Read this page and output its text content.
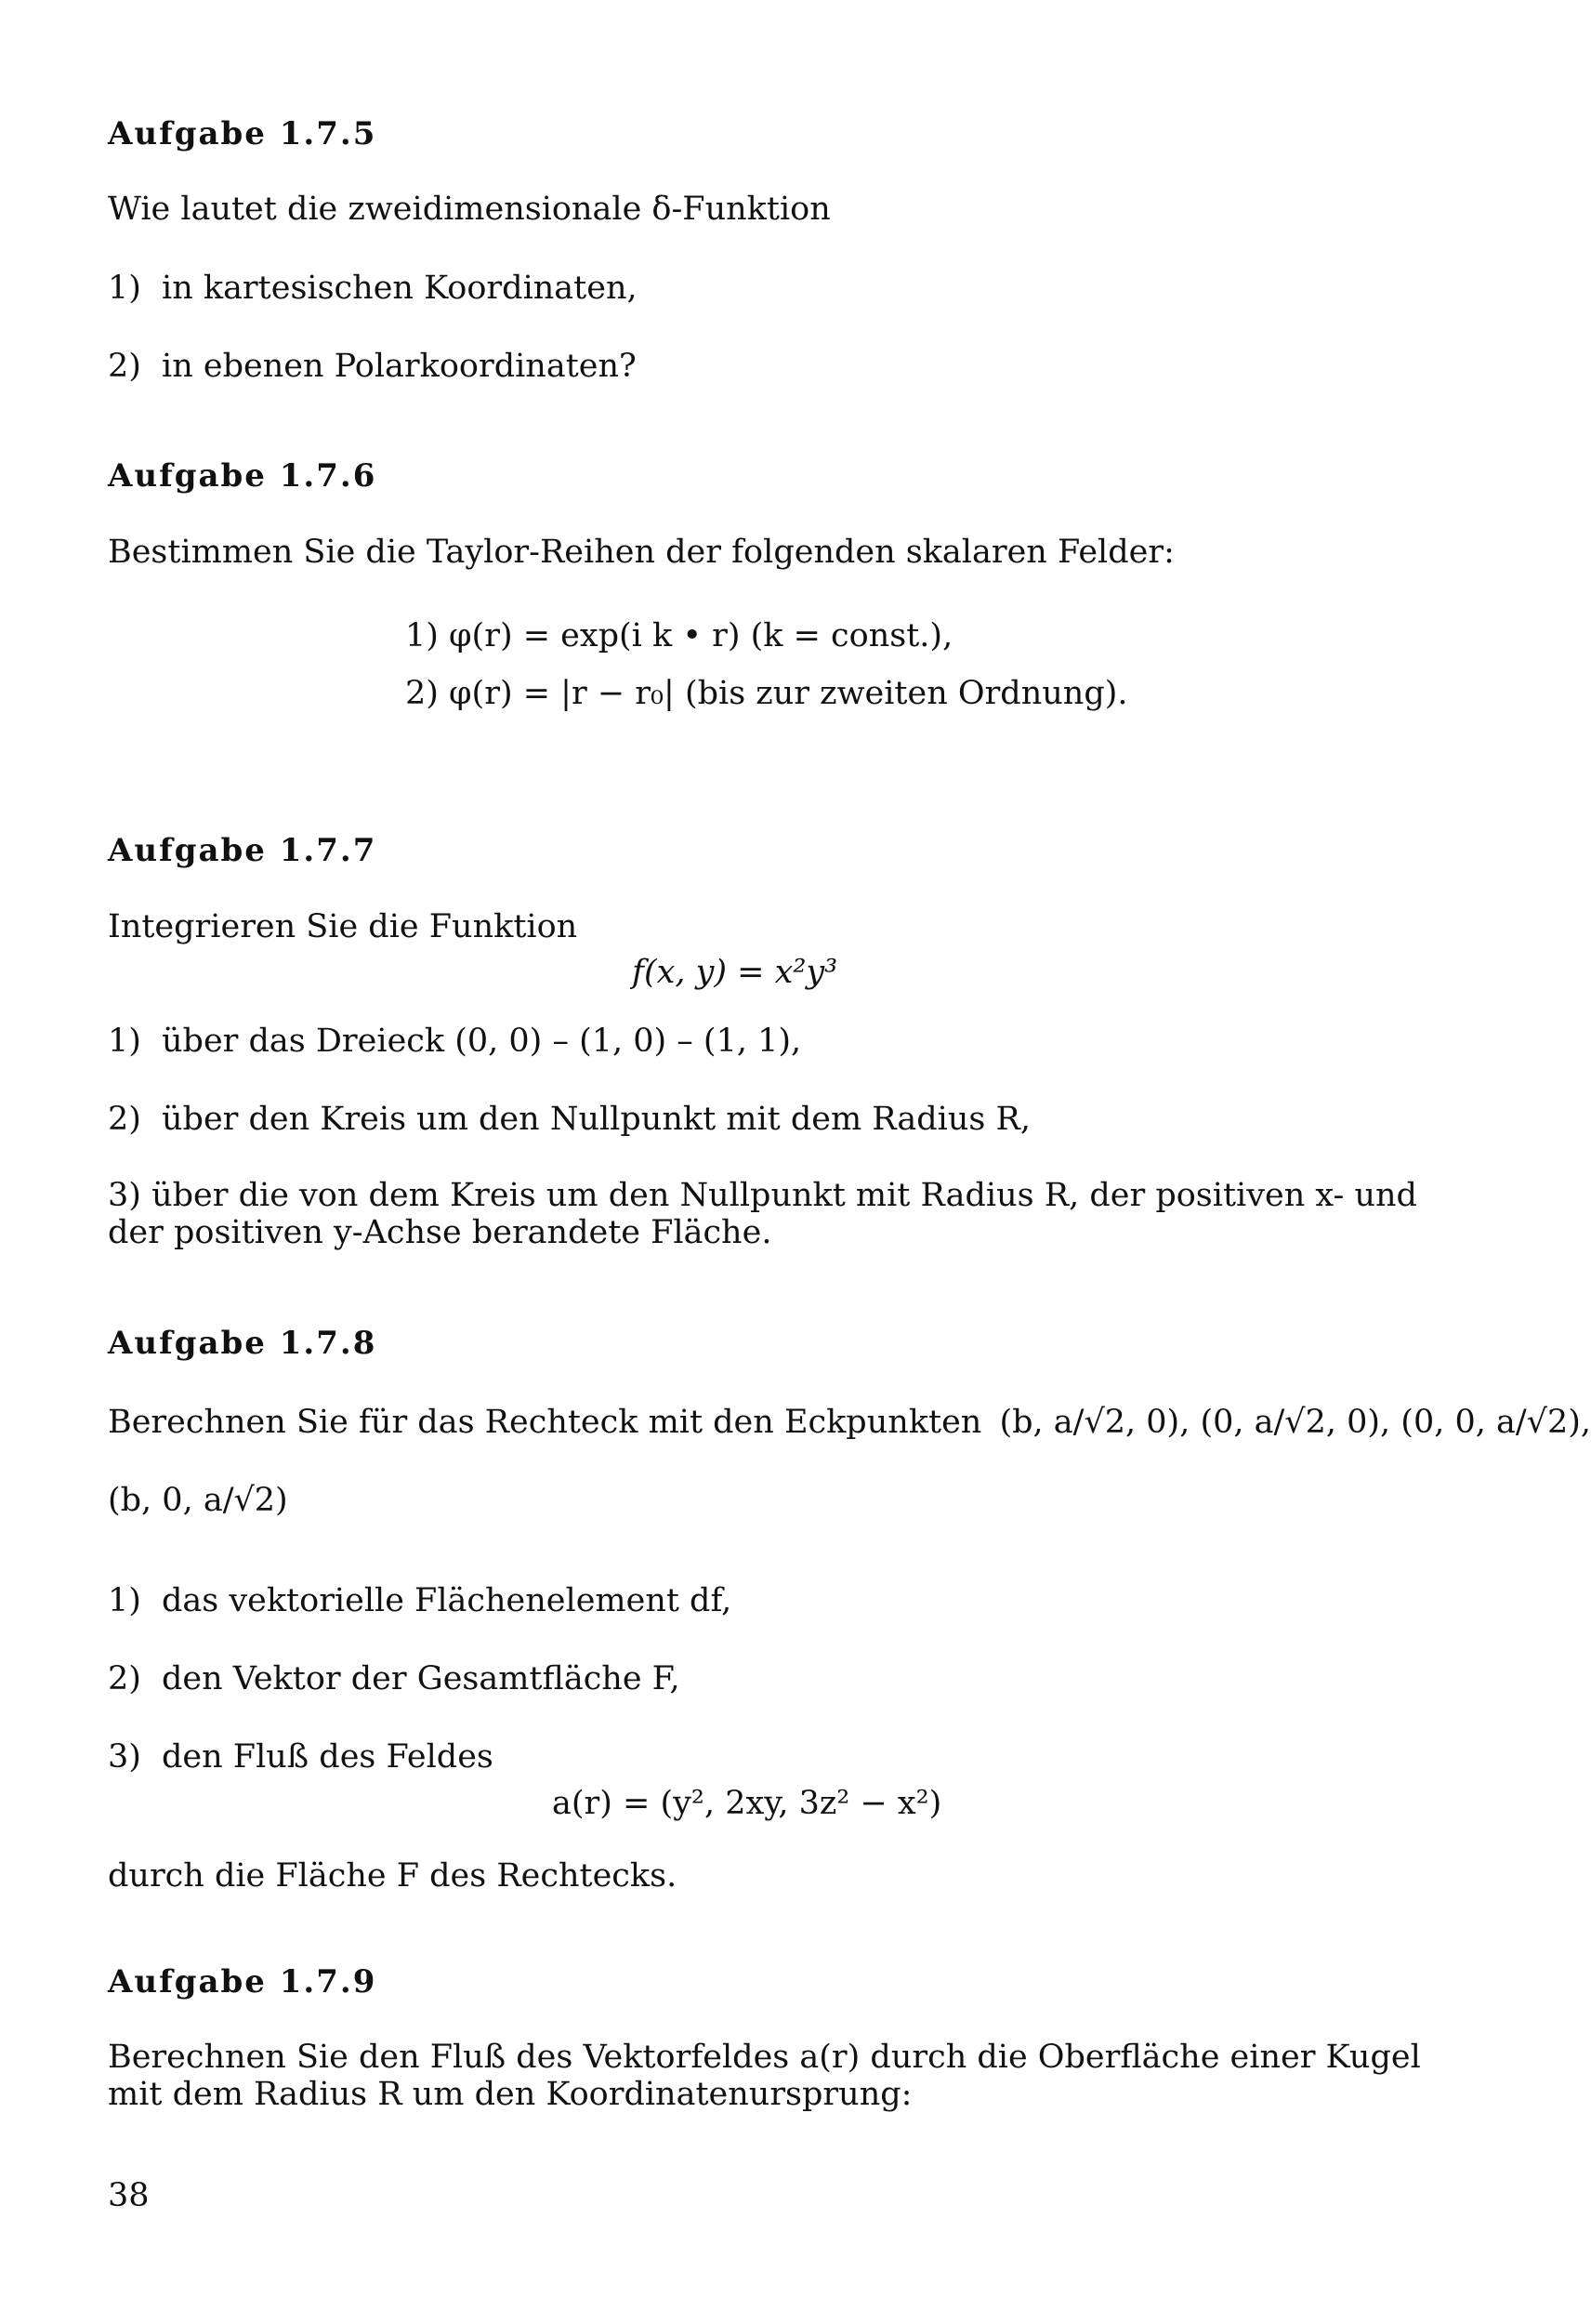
Aufgabe 1.7.5
Wie lautet die zweidimensionale δ-Funktion
1) in kartesischen Koordinaten,
2) in ebenen Polarkoordinaten?
Aufgabe 1.7.6
Bestimmen Sie die Taylor-Reihen der folgenden skalaren Felder:
1) φ(r) = exp(i k • r) (k = const.),
2) φ(r) = |r − r₀| (bis zur zweiten Ordnung).
Aufgabe 1.7.7
Integrieren Sie die Funktion
f(x, y) = x²y³
1) über das Dreieck (0, 0) – (1, 0) – (1, 1),
2) über den Kreis um den Nullpunkt mit dem Radius R,
3) über die von dem Kreis um den Nullpunkt mit Radius R, der positiven x- und der positiven y-Achse berandete Fläche.
Aufgabe 1.7.8
Berechnen Sie für das Rechteck mit den Eckpunkten (b, a/√2, 0), (0, a/√2, 0), (0, 0, a/√2),
(b, 0, a/√2)
1) das vektorielle Flächenelement df,
2) den Vektor der Gesamtfläche F,
3) den Fluß des Feldes
a(r) = (y², 2xy, 3z² − x²)
durch die Fläche F des Rechtecks.
Aufgabe 1.7.9
Berechnen Sie den Fluß des Vektorfeldes a(r) durch die Oberfläche einer Kugel mit dem Radius R um den Koordinatenursprung:
38
